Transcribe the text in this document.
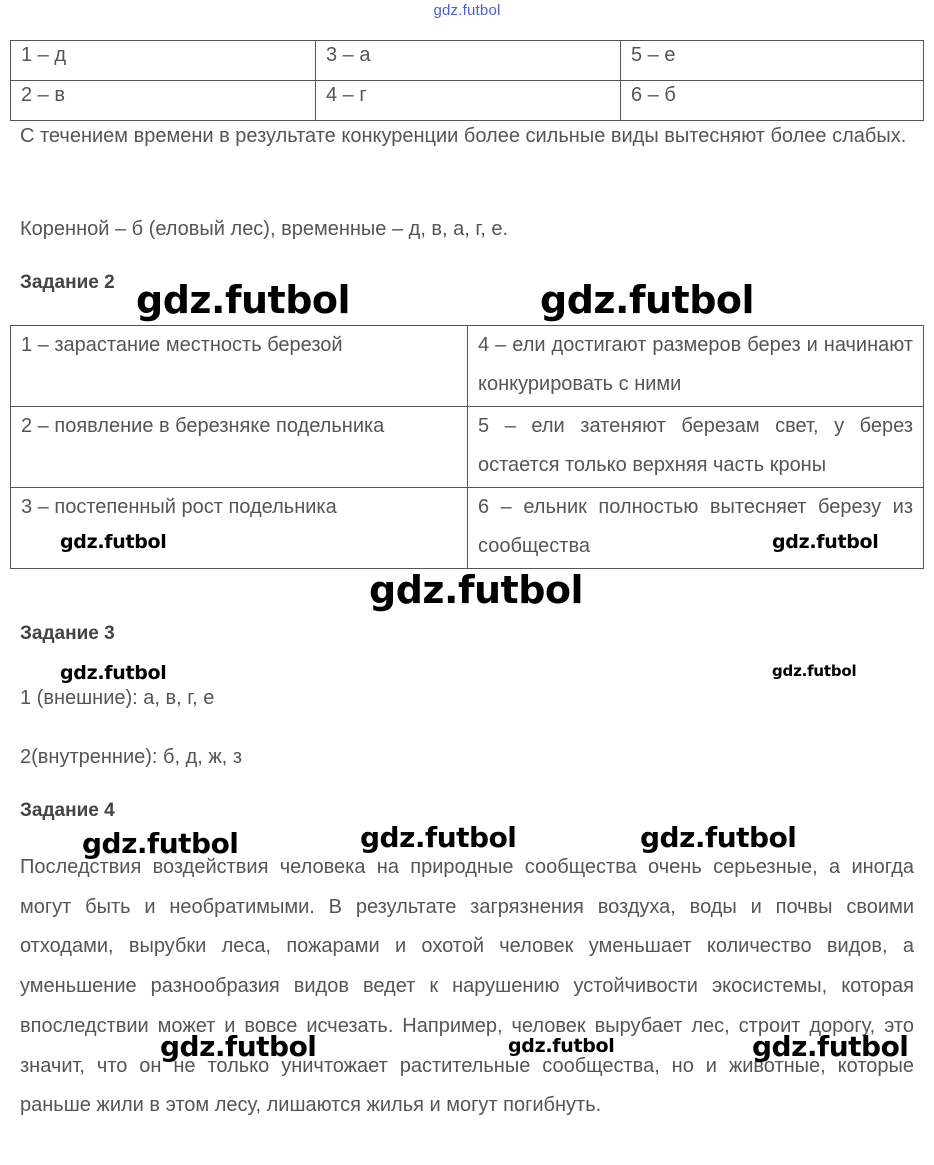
gdz.futbol
1 – д	3 – а	5 – е
2 – в	4 – г	6 – б
С течением времени в результате конкуренции более сильные виды вытесняют более слабых.
Коренной – б (еловый лес), временные – д, в, а, г, е.
Задание 2
1 – зарастание местность березой	4 – ели достигают размеров берез и начинают конкурировать с ними
2 – появление в березняке подельника	5 – ели затеняют березам свет, у берез остается только верхняя часть кроны
3 – постепенный рост подельника	6 – ельник полностью вытесняет березу из сообщества
Задание 3
1 (внешние): а, в, г, е
2(внутренние): б, д, ж, з
Задание 4
Последствия воздействия человека на природные сообщества очень серьезные, а иногда могут быть и необратимыми. В результате загрязнения воздуха, воды и почвы своими отходами, вырубки леса, пожарами и охотой человек уменьшает количество видов, а уменьшение разнообразия видов ведет к нарушению устойчивости экосистемы, которая впоследствии может и вовсе исчезать. Например, человек вырубает лес, строит дорогу, это значит, что он не только уничтожает растительные сообщества, но и животные, которые раньше жили в этом лесу, лишаются жилья и могут погибнуть.
gdz.futbol	gdz.futbol
gdz.futbol	gdz.futbol
gdz.futbol
gdz.futbol	gdz.futbol
gdz.futbol	gdz.futbol	gdz.futbol
gdz.futbol	gdz.futbol	gdz.futbol
